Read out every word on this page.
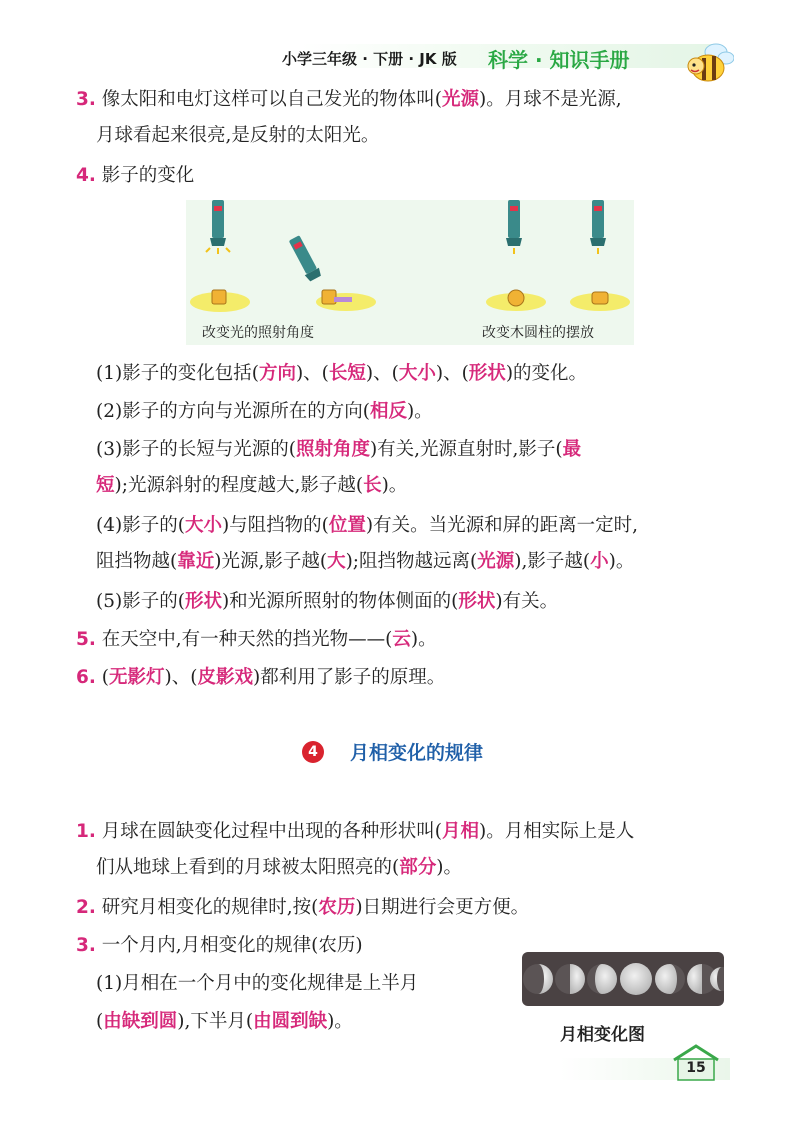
小学三年级 · 下册 · JK 版 科学 · 知识手册
3. 像太阳和电灯这样可以自己发光的物体叫(光源)。月球不是光源,
月球看起来很亮,是反射的太阳光。
4. 影子的变化
改变光的照射角度	改变木圆柱的摆放
(1)影子的变化包括(方向)、(长短)、(大小)、(形状)的变化。
(2)影子的方向与光源所在的方向(相反)。
(3)影子的长短与光源的(照射角度)有关,光源直射时,影子(最
短);光源斜射的程度越大,影子越(长)。
(4)影子的(大小)与阻挡物的(位置)有关。当光源和屏的距离一定时,
阻挡物越(靠近)光源,影子越(大);阻挡物越远离(光源),影子越(小)。
(5)影子的(形状)和光源所照射的物体侧面的(形状)有关。
5. 在天空中,有一种天然的挡光物——(云)。
6. (无影灯)、(皮影戏)都利用了影子的原理。
4	月相变化的规律
1. 月球在圆缺变化过程中出现的各种形状叫(月相)。月相实际上是人
们从地球上看到的月球被太阳照亮的(部分)。
2. 研究月相变化的规律时,按(农历)日期进行会更方便。
3. 一个月内,月相变化的规律(农历)
(1)月相在一个月中的变化规律是上半月
(由缺到圆),下半月(由圆到缺)。
月相变化图
15
